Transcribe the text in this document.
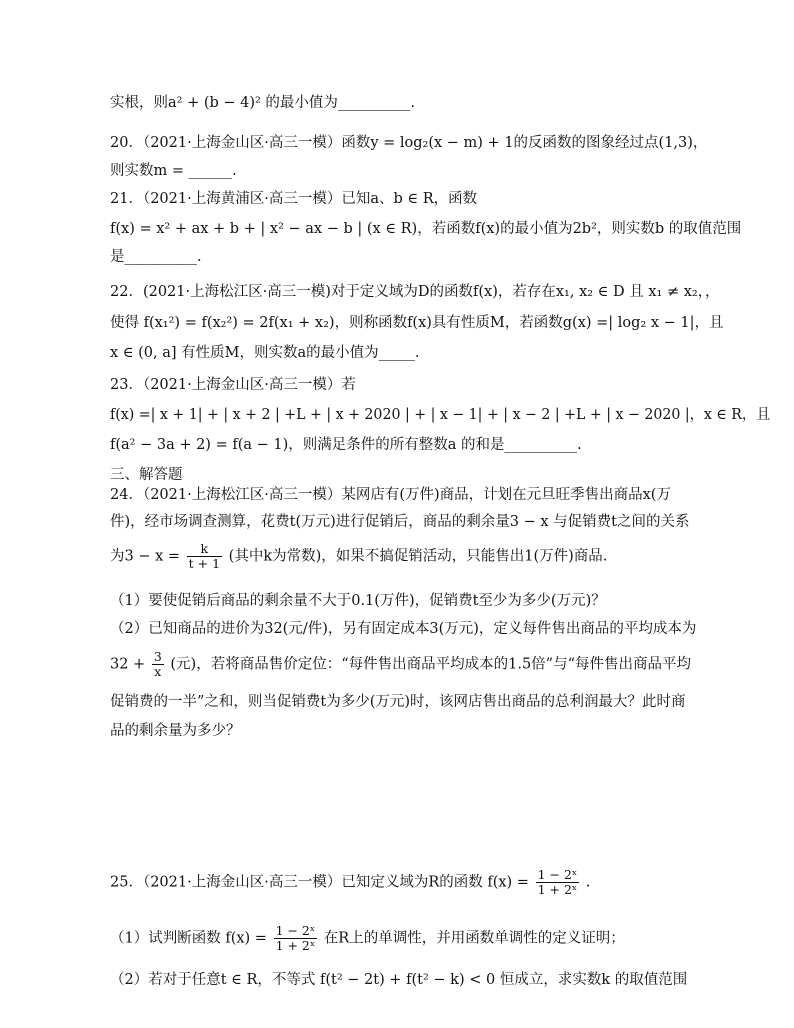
实根，则a² + (b − 4)² 的最小值为__________.
20．（2021·上海金山区·高三一模）函数y = log₂(x − m) + 1的反函数的图象经过点(1,3)，
则实数m = ______.
21．（2021·上海黄浦区·高三一模）已知a、b ∈ R，函数
f(x) = x² + ax + b + | x² − ax − b | (x ∈ R)，若函数f(x)的最小值为2b²，则实数b 的取值范围
是__________.
22．(2021·上海松江区·高三一模)对于定义域为D的函数f(x)，若存在x₁, x₂ ∈ D 且 x₁ ≠ x₂，，
使得 f(x₁²) = f(x₂²) = 2f(x₁ + x₂)，则称函数f(x)具有性质M，若函数g(x) =| log₂ x − 1|，且
x ∈ (0, a] 有性质M，则实数a的最小值为_____.
23．（2021·上海金山区·高三一模）若
f(x) =| x + 1| + | x + 2 | +L + | x + 2020 | + | x − 1| + | x − 2 | +L + | x − 2020 |，x ∈ R，且
f(a² − 3a + 2) = f(a − 1)，则满足条件的所有整数a 的和是__________.
三、解答题
24．（2021·上海松江区·高三一模）某网店有(万件)商品，计划在元旦旺季售出商品x(万
件)，经市场调查测算，花费t(万元)进行促销后，商品的剩余量3 − x 与促销费t之间的关系
为$3 - x = \frac{k}{t + 1}$ (其中k为常数)，如果不搞促销活动，只能售出1(万件)商品.
（1）要使促销后商品的剩余量不大于0.1(万件)，促销费t至少为多少(万元)？
（2）已知商品的进价为32(元/件)，另有固定成本3(万元)，定义每件售出商品的平均成本为
$32 + \frac{3}{x}$ (元)，若将商品售价定位：“每件售出商品平均成本的1.5倍”与“每件售出商品平均
促销费的一半”之和，则当促销费t为多少(万元)时，该网店售出商品的总利润最大？此时商
品的剩余量为多少？
25．（2021·上海金山区·高三一模）已知定义域为R的函数 $f(x) = \frac{\text{1 − 2ˣ}}{\text{1 + 2ˣ}}$ .
（1）试判断函数 $f(x) = \frac{\text{1 − 2ˣ}}{\text{1 + 2ˣ}}$ 在R上的单调性，并用函数单调性的定义证明；
（2）若对于任意t ∈ R，不等式 f(t² − 2t) + f(t² − k) < 0 恒成立，求实数k 的取值范围
